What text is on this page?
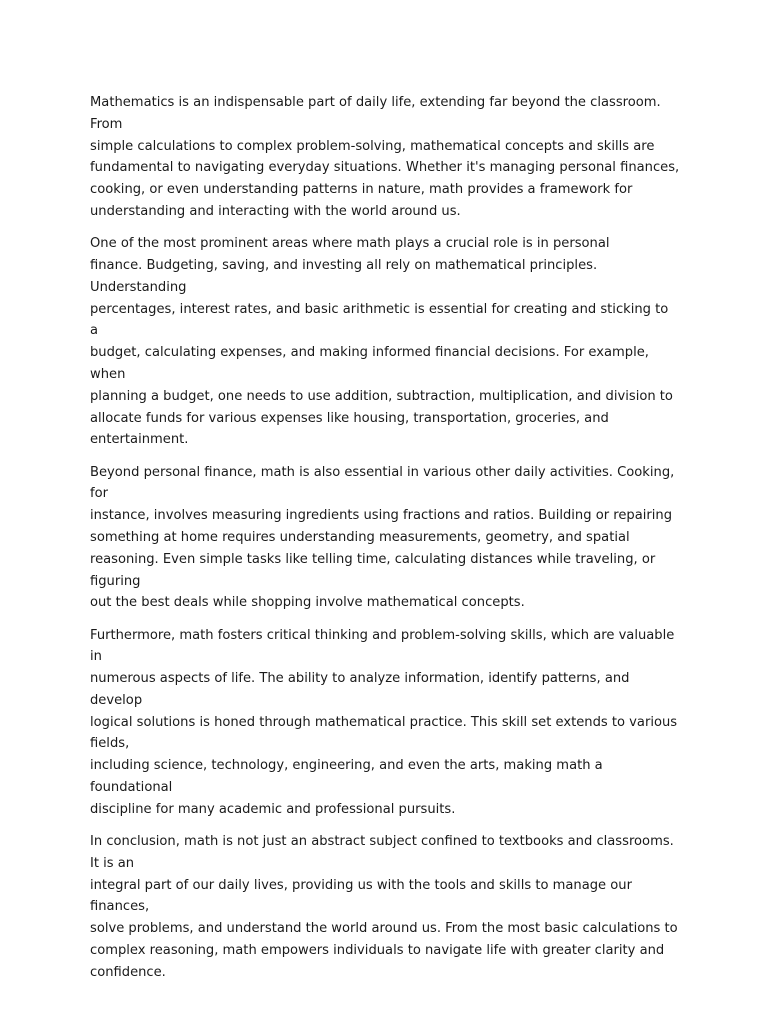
Mathematics is an indispensable part of daily life, extending far beyond the classroom. From
simple calculations to complex problem-solving, mathematical concepts and skills are
fundamental to navigating everyday situations. Whether it's managing personal finances,
cooking, or even understanding patterns in nature, math provides a framework for
understanding and interacting with the world around us.

One of the most prominent areas where math plays a crucial role is in personal
finance. Budgeting, saving, and investing all rely on mathematical principles. Understanding
percentages, interest rates, and basic arithmetic is essential for creating and sticking to a
budget, calculating expenses, and making informed financial decisions. For example, when
planning a budget, one needs to use addition, subtraction, multiplication, and division to
allocate funds for various expenses like housing, transportation, groceries, and entertainment.

Beyond personal finance, math is also essential in various other daily activities. Cooking, for
instance, involves measuring ingredients using fractions and ratios. Building or repairing
something at home requires understanding measurements, geometry, and spatial
reasoning. Even simple tasks like telling time, calculating distances while traveling, or figuring
out the best deals while shopping involve mathematical concepts.

Furthermore, math fosters critical thinking and problem-solving skills, which are valuable in
numerous aspects of life. The ability to analyze information, identify patterns, and develop
logical solutions is honed through mathematical practice. This skill set extends to various fields,
including science, technology, engineering, and even the arts, making math a foundational
discipline for many academic and professional pursuits.

In conclusion, math is not just an abstract subject confined to textbooks and classrooms. It is an
integral part of our daily lives, providing us with the tools and skills to manage our finances,
solve problems, and understand the world around us. From the most basic calculations to
complex reasoning, math empowers individuals to navigate life with greater clarity and
confidence.
